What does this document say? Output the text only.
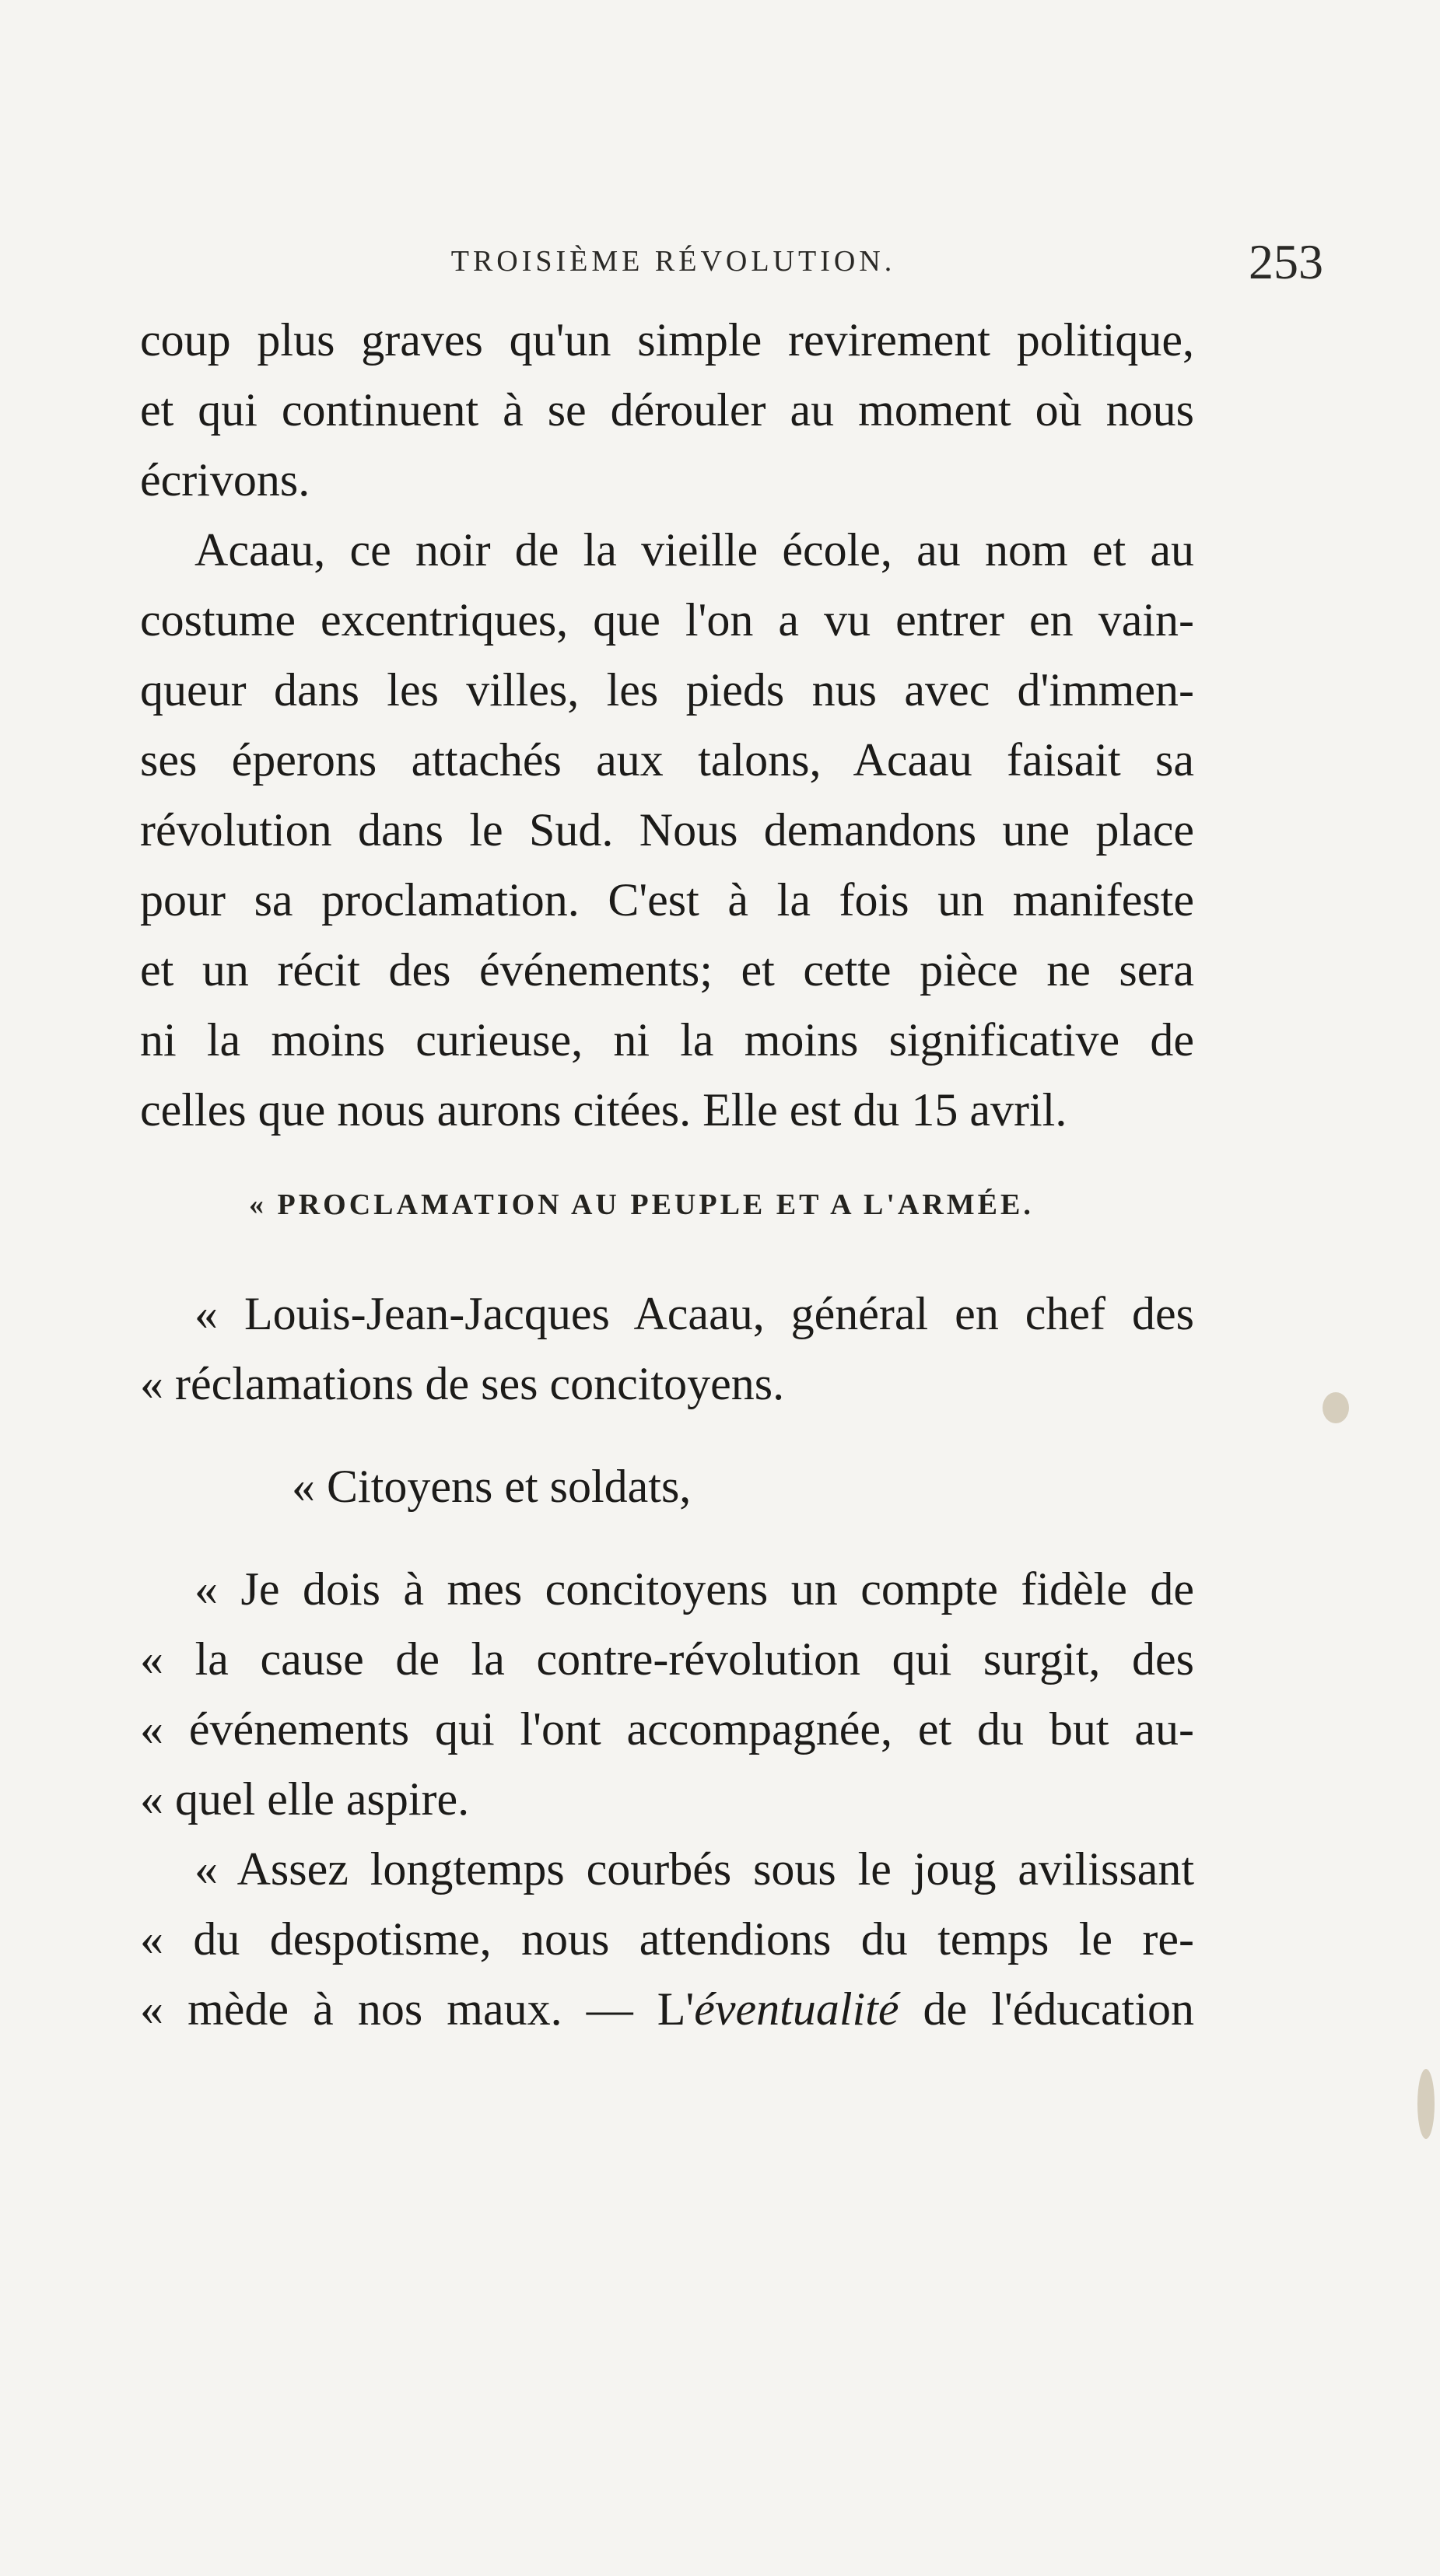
TROISIÈME RÉVOLUTION.	253
coup plus graves qu'un simple revirement politique,
et qui continuent à se dérouler au moment où nous
écrivons.
Acaau, ce noir de la vieille école, au nom et au
costume excentriques, que l'on a vu entrer en vain-
queur dans les villes, les pieds nus avec d'immen-
ses éperons attachés aux talons, Acaau faisait sa
révolution dans le Sud. Nous demandons une place
pour sa proclamation. C'est à la fois un manifeste
et un récit des événements; et cette pièce ne sera
ni la moins curieuse, ni la moins significative de
celles que nous aurons citées. Elle est du 15 avril.
« PROCLAMATION AU PEUPLE ET A L'ARMÉE.
« Louis-Jean-Jacques Acaau, général en chef des
« réclamations de ses concitoyens.
« Citoyens et soldats,
« Je dois à mes concitoyens un compte fidèle de
« la cause de la contre-révolution qui surgit, des
« événements qui l'ont accompagnée, et du but au-
« quel elle aspire.
« Assez longtemps courbés sous le joug avilissant
« du despotisme, nous attendions du temps le re-
« mède à nos maux. — L'éventualité de l'éducation
